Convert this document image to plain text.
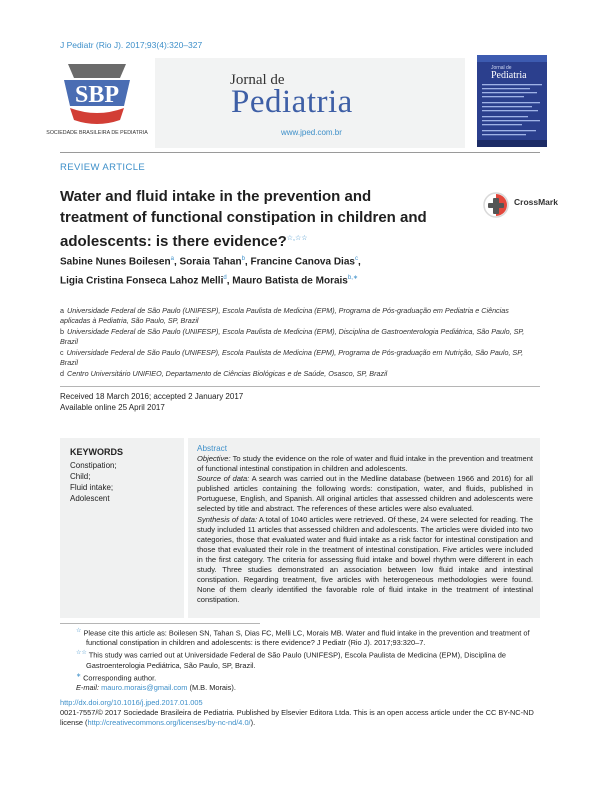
J Pediatr (Rio J). 2017;93(4):320–327
SBP
SOCIEDADE BRASILEIRA DE PEDIATRIA
Jornal de
Pediatria
www.jped.com.br
Jornal de
Pediatria
REVIEW ARTICLE
Water and fluid intake in the prevention and treatment of functional constipation in children and adolescents: is there evidence?☆,☆☆
CrossMark
Sabine Nunes Boilesen$^a$, Soraia Tahan$^b$, Francine Canova Dias$^c$,
Ligia Cristina Fonseca Lahoz Melli$^d$, Mauro Batista de Morais$^{b,∗}$
a Universidade Federal de São Paulo (UNIFESP), Escola Paulista de Medicina (EPM), Programa de Pós-graduação em Pediatria e Ciências aplicadas à Pediatria, São Paulo, SP, Brazil
b Universidade Federal de São Paulo (UNIFESP), Escola Paulista de Medicina (EPM), Disciplina de Gastroenterologia Pediátrica, São Paulo, SP, Brazil
c Universidade Federal de São Paulo (UNIFESP), Escola Paulista de Medicina (EPM), Programa de Pós-graduação em Nutrição, São Paulo, SP, Brazil
d Centro Universitário UNIFIEO, Departamento de Ciências Biológicas e de Saúde, Osasco, SP, Brazil
Received 18 March 2016; accepted 2 January 2017
Available online 25 April 2017
KEYWORDS
Constipation;
Child;
Fluid intake;
Adolescent
Abstract
Objective: To study the evidence on the role of water and fluid intake in the prevention and treatment of functional intestinal constipation in children and adolescents.
Source of data: A search was carried out in the Medline database (between 1966 and 2016) for all published articles containing the following words: constipation, water, and fluids, published in Portuguese, English, and Spanish. All original articles that assessed children and adolescents were selected by title and abstract. The references of these articles were also evaluated.
Synthesis of data: A total of 1040 articles were retrieved. Of these, 24 were selected for reading. The study included 11 articles that assessed children and adolescents. The articles were divided into two categories, those that evaluated water and fluid intake as a risk factor for intestinal constipation and those that evaluated their role in the treatment of intestinal constipation. Five articles were included in the first category. The criteria for assessing fluid intake and bowel rhythm were different in each study. Three studies demonstrated an association between low fluid intake and intestinal constipation. Regarding treatment, five articles with heterogeneous methodologies were found. None of them clearly identified the favorable role of fluid intake in the treatment of intestinal constipation.
☆ Please cite this article as: Boilesen SN, Tahan S, Dias FC, Melli LC, Morais MB. Water and fluid intake in the prevention and treatment of functional constipation in children and adolescents: is there evidence? J Pediatr (Rio J). 2017;93:320–7.
☆☆ This study was carried out at Universidade Federal de São Paulo (UNIFESP), Escola Paulista de Medicina (EPM), Disciplina de Gastroenterologia Pediátrica, São Paulo, SP, Brazil.
∗ Corresponding author.
E-mail: mauro.morais@gmail.com (M.B. Morais).
http://dx.doi.org/10.1016/j.jped.2017.01.005
0021-7557/© 2017 Sociedade Brasileira de Pediatria. Published by Elsevier Editora Ltda. This is an open access article under the CC BY-NC-ND license (http://creativecommons.org/licenses/by-nc-nd/4.0/).
